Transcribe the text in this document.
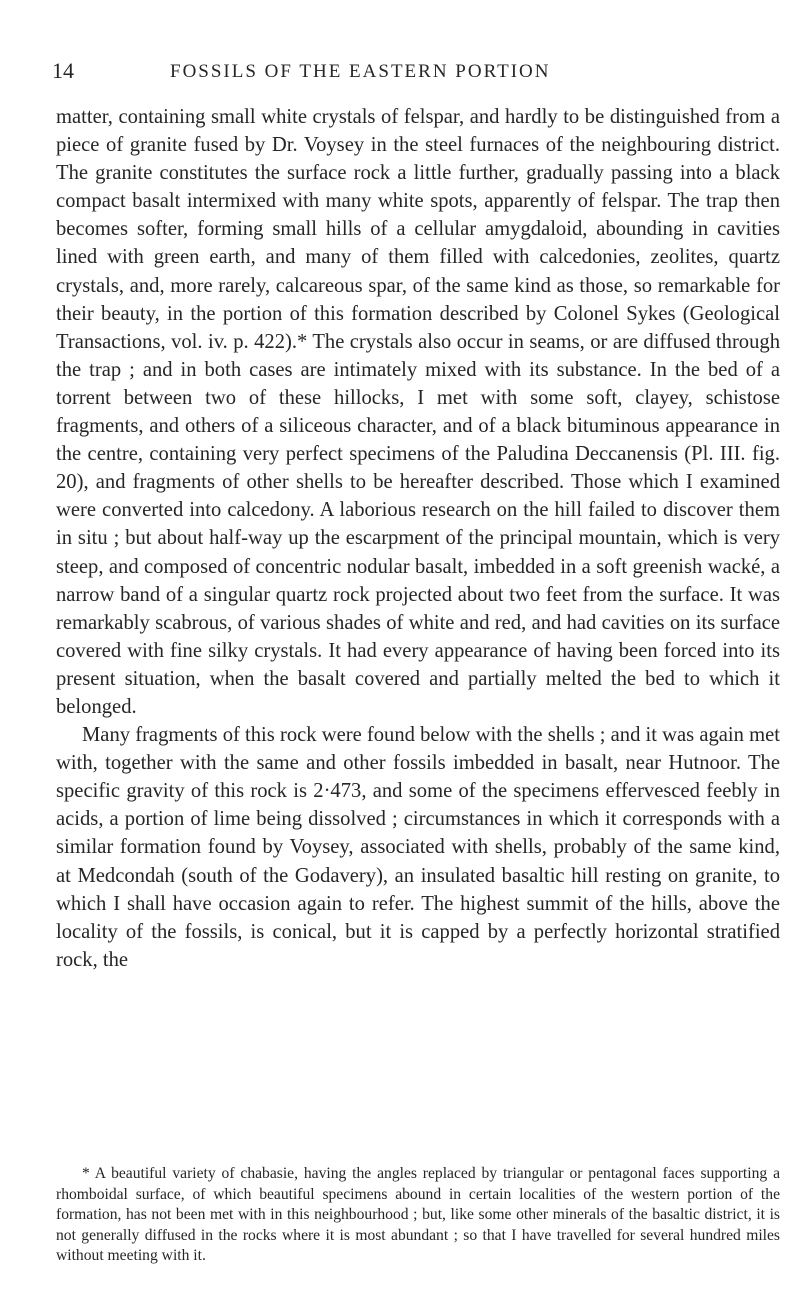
14	FOSSILS OF THE EASTERN PORTION

matter, containing small white crystals of felspar, and hardly to be distinguished from a piece of granite fused by Dr. Voysey in the steel furnaces of the neighbouring district. The granite constitutes the surface rock a little further, gradually passing into a black compact basalt intermixed with many white spots, apparently of felspar. The trap then becomes softer, forming small hills of a cellular amygdaloid, abounding in cavities lined with green earth, and many of them filled with calcedonies, zeolites, quartz crystals, and, more rarely, calcareous spar, of the same kind as those, so remarkable for their beauty, in the portion of this formation described by Colonel Sykes (Geological Transactions, vol. iv. p. 422).* The crystals also occur in seams, or are diffused through the trap ; and in both cases are intimately mixed with its substance. In the bed of a torrent between two of these hillocks, I met with some soft, clayey, schistose fragments, and others of a siliceous character, and of a black bituminous appearance in the centre, containing very perfect specimens of the Paludina Deccanensis (Pl. III. fig. 20), and fragments of other shells to be hereafter described. Those which I examined were converted into calcedony. A laborious research on the hill failed to discover them in situ ; but about half-way up the escarpment of the principal mountain, which is very steep, and composed of concentric nodular basalt, imbedded in a soft greenish wacké, a narrow band of a singular quartz rock projected about two feet from the surface. It was remarkably scabrous, of various shades of white and red, and had cavities on its surface covered with fine silky crystals. It had every appearance of having been forced into its present situation, when the basalt covered and partially melted the bed to which it belonged.

Many fragments of this rock were found below with the shells ; and it was again met with, together with the same and other fossils imbedded in basalt, near Hutnoor. The specific gravity of this rock is 2·473, and some of the specimens effervesced feebly in acids, a portion of lime being dissolved ; circumstances in which it corresponds with a similar formation found by Voysey, associated with shells, probably of the same kind, at Medcondah (south of the Godavery), an insulated basaltic hill resting on granite, to which I shall have occasion again to refer. The highest summit of the hills, above the locality of the fossils, is conical, but it is capped by a perfectly horizontal stratified rock, the

* A beautiful variety of chabasie, having the angles replaced by triangular or pentagonal faces supporting a rhomboidal surface, of which beautiful specimens abound in certain localities of the western portion of the formation, has not been met with in this neighbourhood ; but, like some other minerals of the basaltic district, it is not generally diffused in the rocks where it is most abundant ; so that I have travelled for several hundred miles without meeting with it.
